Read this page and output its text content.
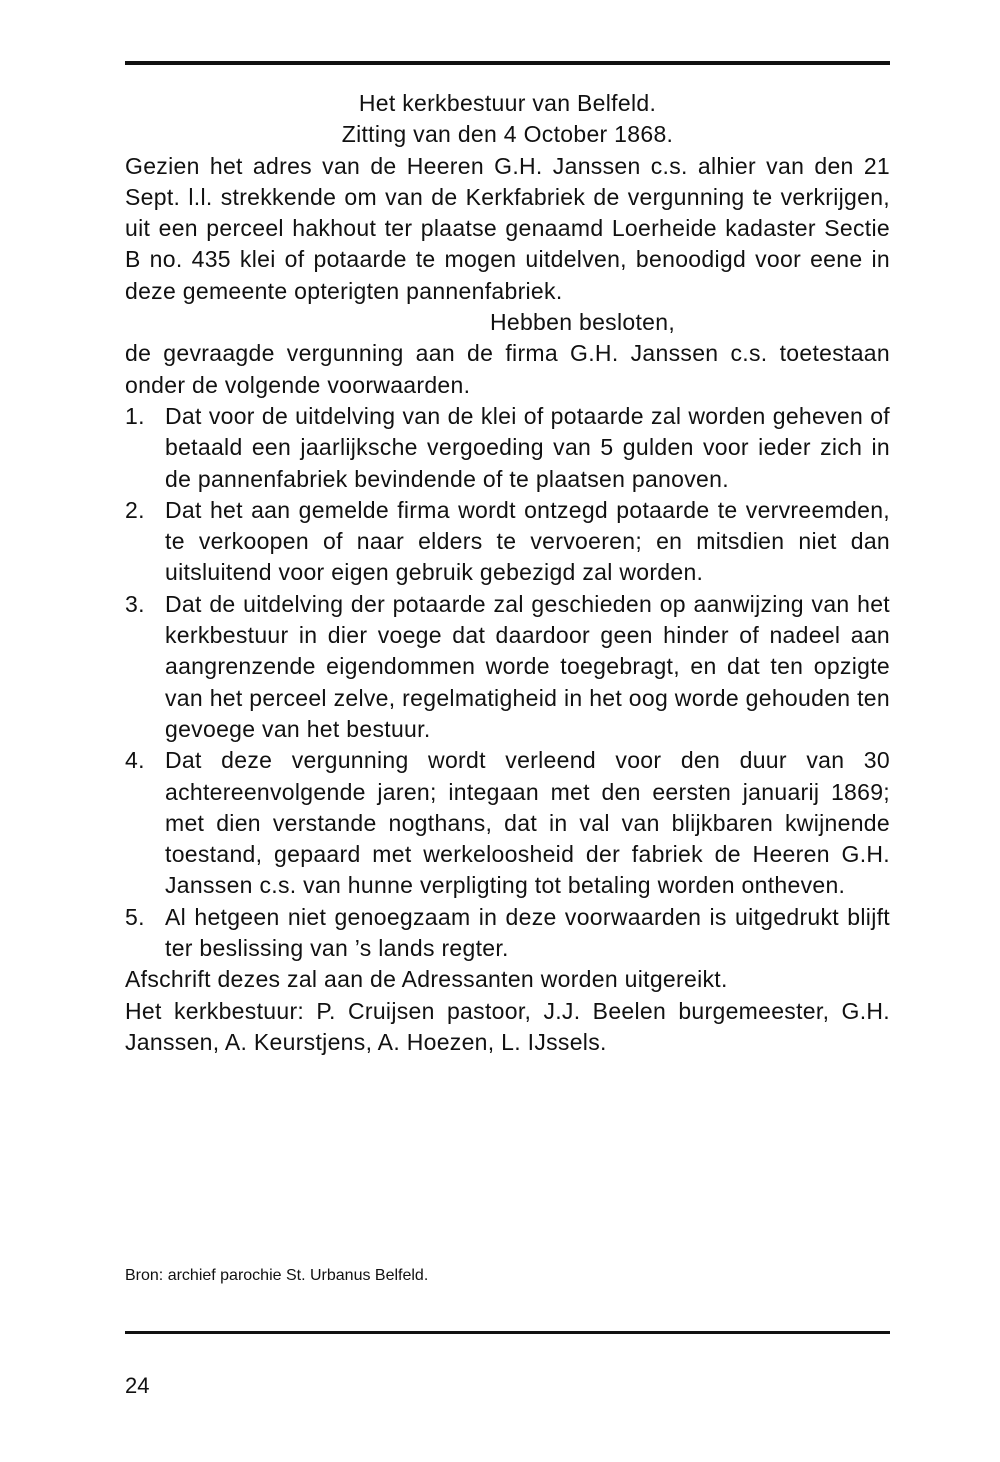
Het kerkbestuur van Belfeld.

Zitting van den 4 October 1868.

Gezien het adres van de Heeren G.H. Janssen c.s. alhier van den 21 Sept. l.l. strekkende om van de Kerkfabriek de vergunning te verkrijgen, uit een perceel hakhout ter plaatse genaamd Loerheide kadaster Sectie B no. 435 klei of potaarde te mogen uitdelven, benoodigd voor eene in deze gemeente opterigten pannenfabriek.

Hebben besloten,

de gevraagde vergunning aan de firma G.H. Janssen c.s. toetestaan onder de volgende voorwaarden.

1. Dat voor de uitdelving van de klei of potaarde zal worden geheven of betaald een jaarlijksche vergoeding van 5 gulden voor ieder zich in de pannenfabriek bevindende of te plaatsen panoven.
2. Dat het aan gemelde firma wordt ontzegd potaarde te vervreemden, te verkoopen of naar elders te vervoeren; en mitsdien niet dan uitsluitend voor eigen gebruik gebezigd zal worden.
3. Dat de uitdelving der potaarde zal geschieden op aanwijzing van het kerkbestuur in dier voege dat daardoor geen hinder of nadeel aan aangrenzende eigendommen worde toegebragt, en dat ten opzigte van het perceel zelve, regelmatigheid in het oog worde gehouden ten gevoege van het bestuur.
4. Dat deze vergunning wordt verleend voor den duur van 30 achtereenvolgende jaren; integaan met den eersten januarij 1869; met dien verstande nogthans, dat in val van blijkbaren kwijnende toestand, gepaard met werkeloosheid der fabriek de Heeren G.H. Janssen c.s. van hunne verpligting tot betaling worden ontheven.
5. Al hetgeen niet genoegzaam in deze voorwaarden is uitgedrukt blijft ter beslissing van ’s lands regter.

Afschrift dezes zal aan de Adressanten worden uitgereikt.

Het kerkbestuur: P. Cruijsen pastoor, J.J. Beelen burgemeester, G.H. Janssen, A. Keurstjens, A. Hoezen, L. IJssels.

Bron: archief parochie St. Urbanus Belfeld.
24
